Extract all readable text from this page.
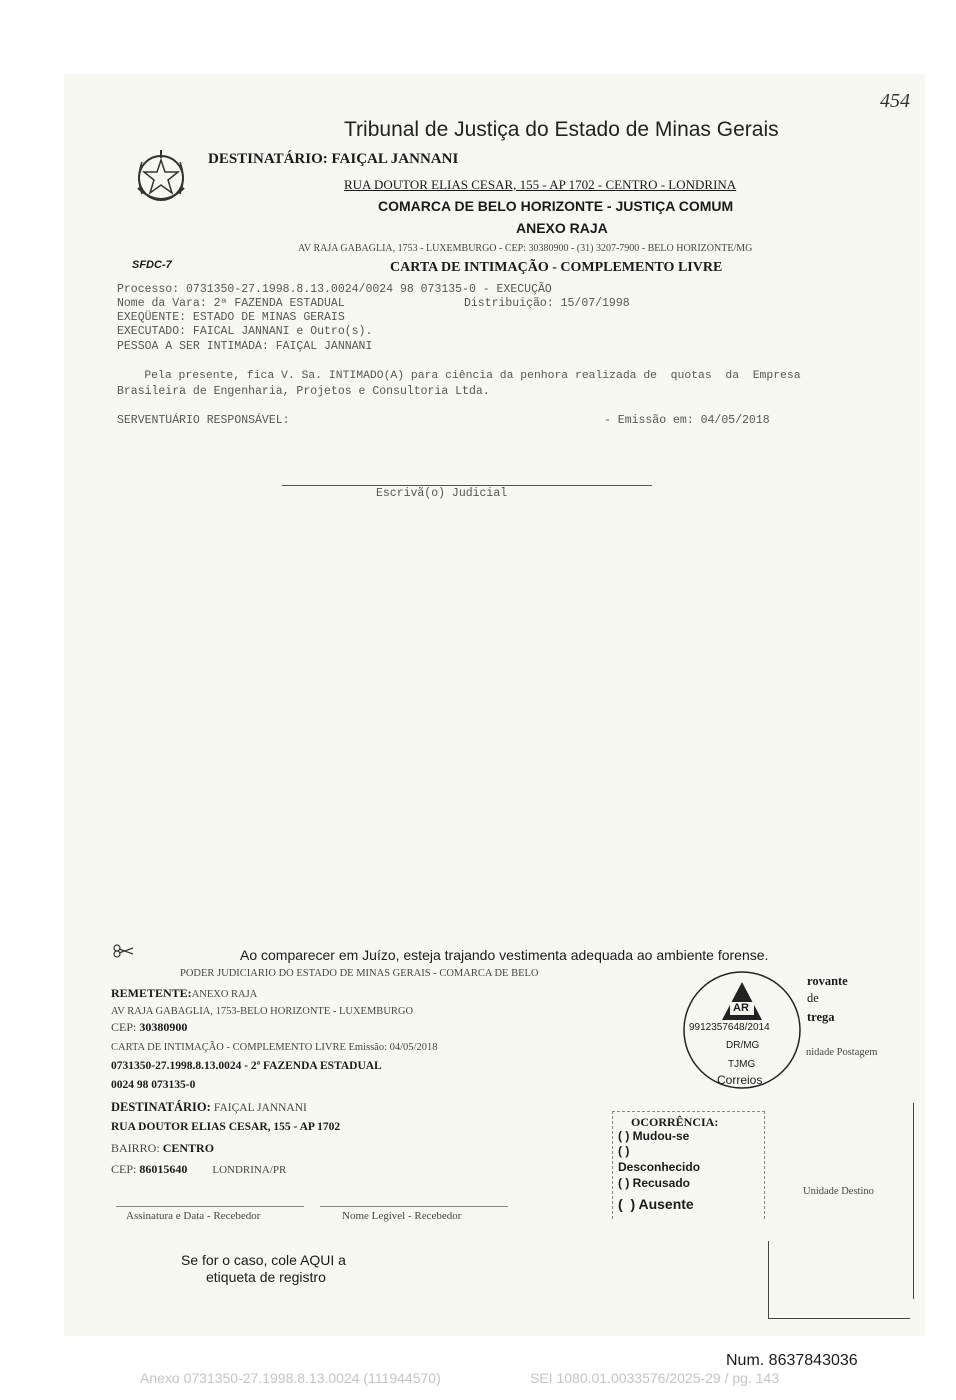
454
Tribunal de Justiça do Estado de Minas Gerais
DESTINATÁRIO: FAIÇAL JANNANI
RUA DOUTOR ELIAS CESAR, 155 - AP 1702 - CENTRO - LONDRINA
COMARCA DE BELO HORIZONTE - JUSTIÇA COMUM
ANEXO RAJA
AV RAJA GABAGLIA, 1753 - LUXEMBURGO - CEP: 30380900 - (31) 3207-7900 - BELO HORIZONTE/MG
SFDC-7	CARTA DE INTIMAÇÃO - COMPLEMENTO LIVRE
Processo: 0731350-27.1998.8.13.0024/0024 98 073135-0 - EXECUÇÃO
Nome da Vara: 2ª FAZENDA ESTADUAL	Distribuição: 15/07/1998
EXEQÜENTE: ESTADO DE MINAS GERAIS
EXECUTADO: FAICAL JANNANI e Outro(s).
PESSOA A SER INTIMADA: FAIÇAL JANNANI
Pela presente, fica V. Sa. INTIMADO(A) para ciência da penhora realizada de  quotas  da  Empresa
Brasileira de Engenharia, Projetos e Consultoria Ltda.
SERVENTUÁRIO RESPONSÁVEL:	- Emissão em: 04/05/2018
Escrivã(o) Judicial
Ao comparecer em Juízo, esteja trajando vestimenta adequada ao ambiente forense.
PODER JUDICIARIO DO ESTADO DE MINAS GERAIS - COMARCA DE BELO
REMETENTE:ANEXO RAJA
AV RAJA GABAGLIA, 1753-BELO HORIZONTE - LUXEMBURGO
CEP: 30380900
CARTA DE INTIMAÇÃO - COMPLEMENTO LIVRE Emissão: 04/05/2018
0731350-27.1998.8.13.0024 - 2ª FAZENDA ESTADUAL
0024 98 073135-0
DESTINATÁRIO: FAIÇAL JANNANI
RUA DOUTOR ELIAS CESAR, 155 - AP 1702
BAIRRO: CENTRO
CEP: 86015640 LONDRINA/PR
Assinatura e Data - Recebedor	Nome Legível - Recebedor
Se for o caso, cole AQUI a
etiqueta de registro
AR
9912357648/2014
DR/MG
TJMG
Correios
rovante
de
trega
nidade Postagem
Unidade Destino
OCORRÊNCIA:
( ) Mudou-se
( )
Desconhecido
( ) Recusado
(  ) Ausente
Num. 8637843036
Anexo 0731350-27.1998.8.13.0024 (111944570)	SEI 1080.01.0033576/2025-29 / pg. 143
